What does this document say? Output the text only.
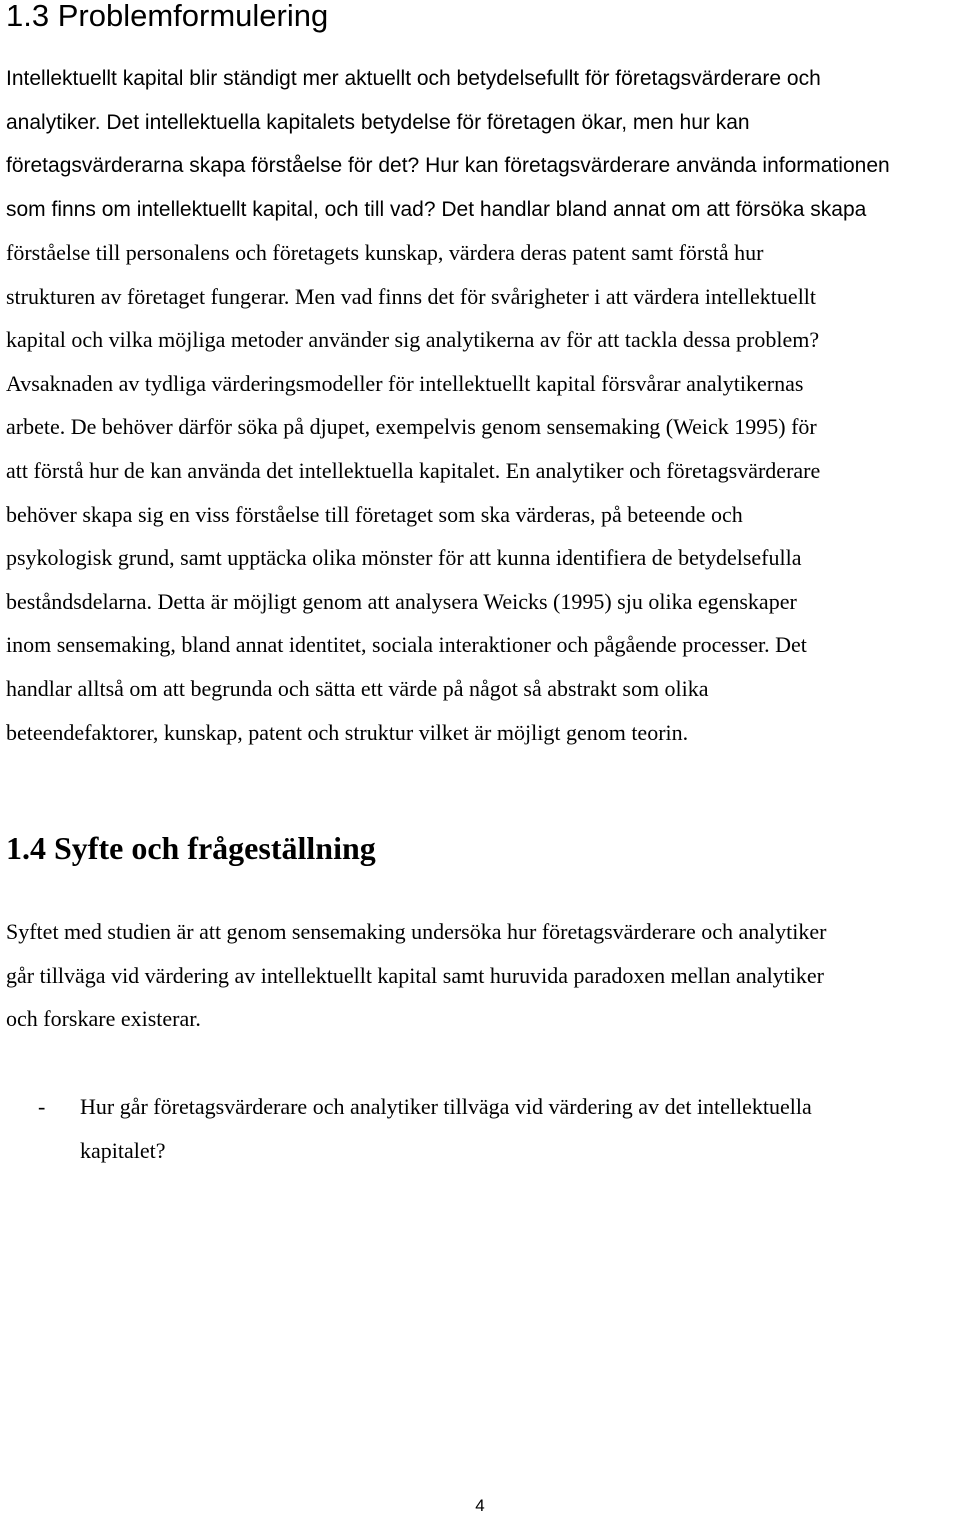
1.3 Problemformulering
Intellektuellt kapital blir ständigt mer aktuellt och betydelsefullt för företagsvärderare och
analytiker. Det intellektuella kapitalets betydelse för företagen ökar, men hur kan
företagsvärderarna skapa förståelse för det? Hur kan företagsvärderare använda informationen
som finns om intellektuellt kapital, och till vad? Det handlar bland annat om att försöka skapa
förståelse till personalens och företagets kunskap, värdera deras patent samt förstå hur
strukturen av företaget fungerar. Men vad finns det för svårigheter i att värdera intellektuellt
kapital och vilka möjliga metoder använder sig analytikerna av för att tackla dessa problem?
Avsaknaden av tydliga värderingsmodeller för intellektuellt kapital försvårar analytikernas
arbete. De behöver därför söka på djupet, exempelvis genom sensemaking (Weick 1995) för
att förstå hur de kan använda det intellektuella kapitalet. En analytiker och företagsvärderare
behöver skapa sig en viss förståelse till företaget som ska värderas, på beteende och
psykologisk grund, samt upptäcka olika mönster för att kunna identifiera de betydelsefulla
beståndsdelarna. Detta är möjligt genom att analysera Weicks (1995) sju olika egenskaper
inom sensemaking, bland annat identitet, sociala interaktioner och pågående processer. Det
handlar alltså om att begrunda och sätta ett värde på något så abstrakt som olika
beteendefaktorer, kunskap, patent och struktur vilket är möjligt genom teorin.
1.4 Syfte och frågeställning
Syftet med studien är att genom sensemaking undersöka hur företagsvärderare och analytiker
går tillväga vid värdering av intellektuellt kapital samt huruvida paradoxen mellan analytiker
och forskare existerar.
- Hur går företagsvärderare och analytiker tillväga vid värdering av det intellektuella
kapitalet?
4
